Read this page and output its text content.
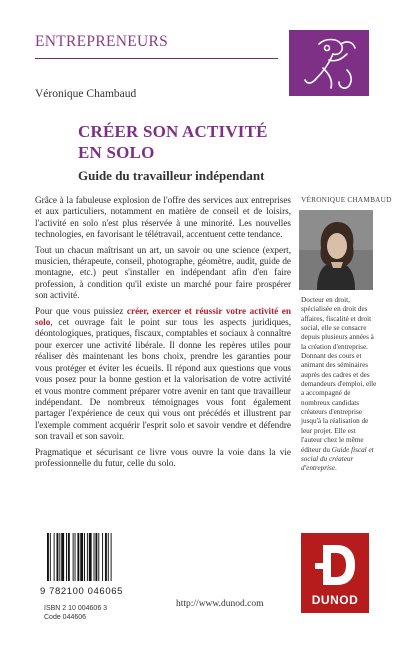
ENTREPRENEURS
Véronique Chambaud
CRÉER SON ACTIVITÉ
EN SOLO
Guide du travailleur indépendant

Grâce à la fabuleuse explosion de l'offre des services aux entreprises et aux particuliers, notamment en matière de conseil et de loisirs, l'activité en solo n'est plus réservée à une minorité. Les nouvelles technologies, en favorisant le télétravail, accentuent cette tendance.

Tout un chacun maîtrisant un art, un savoir ou une science (expert, musicien, thérapeute, conseil, photographe, géomètre, audit, guide de montagne, etc.) peut s'installer en indépendant afin d'en faire profession, à condition qu'il existe un marché pour faire prospérer son activité.

Pour que vous puissiez créer, exercer et réussir votre activité en solo, cet ouvrage fait le point sur tous les aspects juridiques, déontologiques, pratiques, fiscaux, comptables et sociaux à connaître pour exercer une activité libérale. Il donne les repères utiles pour réaliser dès maintenant les bons choix, prendre les garanties pour vous protéger et éviter les écueils. Il répond aux questions que vous vous posez pour la bonne gestion et la valorisation de votre activité et vous montre comment préparer votre avenir en tant que travailleur indépendant. De nombreux témoignages vous font également partager l'expérience de ceux qui vous ont précédés et illustrent par l'exemple comment acquérir l'esprit solo et savoir vendre et défendre son travail et son savoir.

Pragmatique et sécurisant ce livre vous ouvre la voie dans la vie professionnelle du futur, celle du solo.

VÉRONIQUE CHAMBAUD
Docteur en droit, spécialisée en droit des affaires, fiscalité et droit social, elle se consacre depuis plusieurs années à la création d'entreprise. Donnant des cours et animant des séminaires auprès des cadres et des demandeurs d'emploi, elle a accompagné de nombreux candidats créateurs d'entreprise jusqu'à la réalisation de leur projet. Elle est l'auteur chez le même éditeur du Guide fiscal et social du créateur d'entreprise.
9 782100 046065
ISBN 2 10 004606 3
Code 044606
http://www.dunod.com	DUNOD
